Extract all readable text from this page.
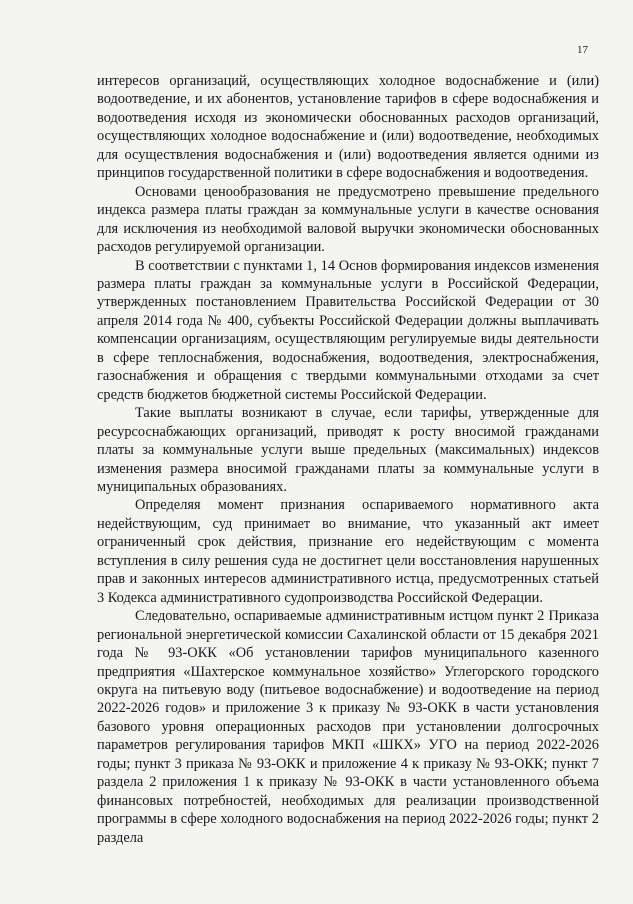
17

интересов организаций, осуществляющих холодное водоснабжение и (или) водоотведение, и их абонентов, установление тарифов в сфере водоснабжения и водоотведения исходя из экономически обоснованных расходов организаций, осуществляющих холодное водоснабжение и (или) водоотведение, необходимых для осуществления водоснабжения и (или) водоотведения является одними из принципов государственной политики в сфере водоснабжения и водоотведения.

Основами ценообразования не предусмотрено превышение предельного индекса размера платы граждан за коммунальные услуги в качестве основания для исключения из необходимой валовой выручки экономически обоснованных расходов регулируемой организации.

В соответствии с пунктами 1, 14 Основ формирования индексов изменения размера платы граждан за коммунальные услуги в Российской Федерации, утвержденных постановлением Правительства Российской Федерации от 30 апреля 2014 года № 400, субъекты Российской Федерации должны выплачивать компенсации организациям, осуществляющим регулируемые виды деятельности в сфере теплоснабжения, водоснабжения, водоотведения, электроснабжения, газоснабжения и обращения с твердыми коммунальными отходами за счет средств бюджетов бюджетной системы Российской Федерации.

Такие выплаты возникают в случае, если тарифы, утвержденные для ресурсоснабжающих организаций, приводят к росту вносимой гражданами платы за коммунальные услуги выше предельных (максимальных) индексов изменения размера вносимой гражданами платы за коммунальные услуги в муниципальных образованиях.

Определяя момент признания оспариваемого нормативного акта недействующим, суд принимает во внимание, что указанный акт имеет ограниченный срок действия, признание его недействующим с момента вступления в силу решения суда не достигнет цели восстановления нарушенных прав и законных интересов административного истца, предусмотренных статьей 3 Кодекса административного судопроизводства Российской Федерации.

Следовательно, оспариваемые административным истцом пункт 2 Приказа региональной энергетической комиссии Сахалинской области от 15 декабря 2021 года № 93-ОКК «Об установлении тарифов муниципального казенного предприятия «Шахтерское коммунальное хозяйство» Углегорского городского округа на питьевую воду (питьевое водоснабжение) и водоотведение на период 2022-2026 годов» и приложение 3 к приказу № 93-ОКК в части установления базового уровня операционных расходов при установлении долгосрочных параметров регулирования тарифов МКП «ШКХ» УГО на период 2022-2026 годы; пункт 3 приказа № 93-ОКК и приложение 4 к приказу № 93-ОКК; пункт 7 раздела 2 приложения 1 к приказу № 93-ОКК в части установленного объема финансовых потребностей, необходимых для реализации производственной программы в сфере холодного водоснабжения на период 2022-2026 годы; пункт 2 раздела
